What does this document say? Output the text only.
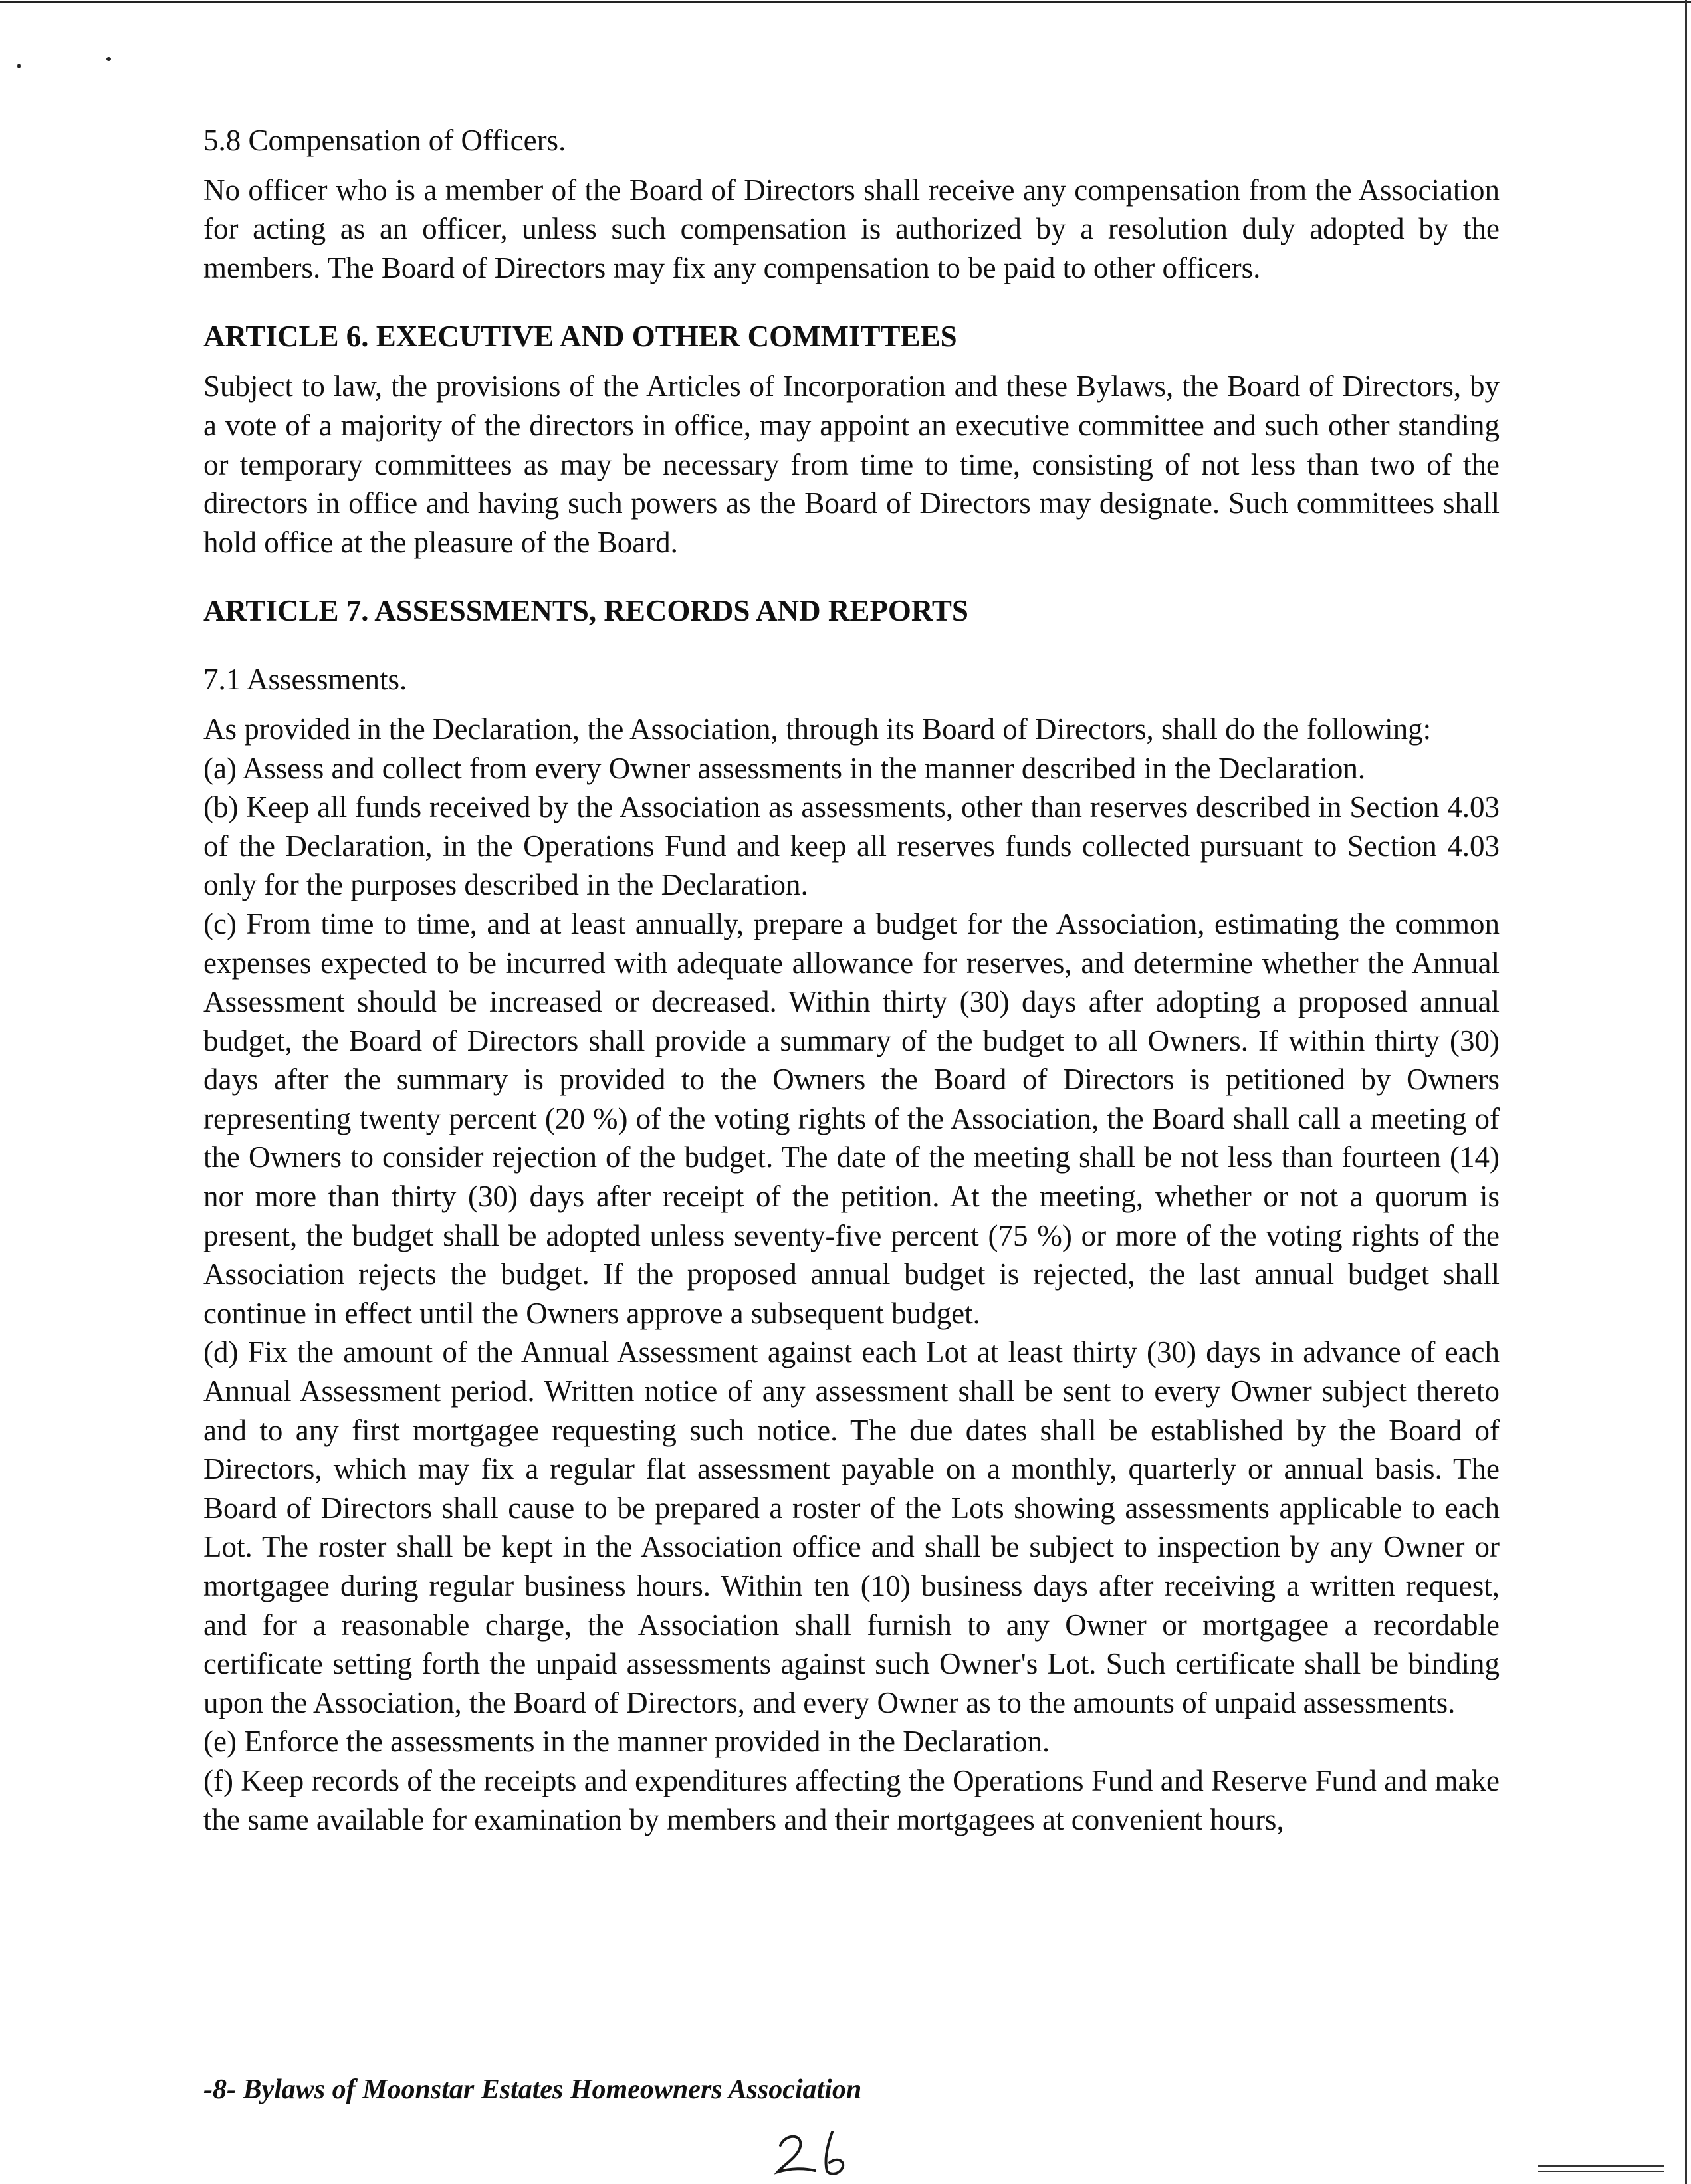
5.8 Compensation of Officers.

No officer who is a member of the Board of Directors shall receive any compensation from the Association for acting as an officer, unless such compensation is authorized by a resolution duly adopted by the members. The Board of Directors may fix any compensation to be paid to other officers.

ARTICLE 6. EXECUTIVE AND OTHER COMMITTEES

Subject to law, the provisions of the Articles of Incorporation and these Bylaws, the Board of Directors, by a vote of a majority of the directors in office, may appoint an executive committee and such other standing or temporary committees as may be necessary from time to time, consisting of not less than two of the directors in office and having such powers as the Board of Directors may designate. Such committees shall hold office at the pleasure of the Board.

ARTICLE 7. ASSESSMENTS, RECORDS AND REPORTS

7.1 Assessments.

As provided in the Declaration, the Association, through its Board of Directors, shall do the following:

(a) Assess and collect from every Owner assessments in the manner described in the Declaration.

(b) Keep all funds received by the Association as assessments, other than reserves described in Section 4.03 of the Declaration, in the Operations Fund and keep all reserves funds collected pursuant to Section 4.03 only for the purposes described in the Declaration.

(c) From time to time, and at least annually, prepare a budget for the Association, estimating the common expenses expected to be incurred with adequate allowance for reserves, and determine whether the Annual Assessment should be increased or decreased. Within thirty (30) days after adopting a proposed annual budget, the Board of Directors shall provide a summary of the budget to all Owners. If within thirty (30) days after the summary is provided to the Owners the Board of Directors is petitioned by Owners representing twenty percent (20 %) of the voting rights of the Association, the Board shall call a meeting of the Owners to consider rejection of the budget. The date of the meeting shall be not less than fourteen (14) nor more than thirty (30) days after receipt of the petition. At the meeting, whether or not a quorum is present, the budget shall be adopted unless seventy-five percent (75 %) or more of the voting rights of the Association rejects the budget. If the proposed annual budget is rejected, the last annual budget shall continue in effect until the Owners approve a subsequent budget.

(d) Fix the amount of the Annual Assessment against each Lot at least thirty (30) days in advance of each Annual Assessment period. Written notice of any assessment shall be sent to every Owner subject thereto and to any first mortgagee requesting such notice. The due dates shall be established by the Board of Directors, which may fix a regular flat assessment payable on a monthly, quarterly or annual basis. The Board of Directors shall cause to be prepared a roster of the Lots showing assessments applicable to each Lot. The roster shall be kept in the Association office and shall be subject to inspection by any Owner or mortgagee during regular business hours. Within ten (10) business days after receiving a written request, and for a reasonable charge, the Association shall furnish to any Owner or mortgagee a recordable certificate setting forth the unpaid assessments against such Owner's Lot. Such certificate shall be binding upon the Association, the Board of Directors, and every Owner as to the amounts of unpaid assessments.

(e) Enforce the assessments in the manner provided in the Declaration.

(f) Keep records of the receipts and expenditures affecting the Operations Fund and Reserve Fund and make the same available for examination by members and their mortgagees at convenient hours,

-8- Bylaws of Moonstar Estates Homeowners Association
